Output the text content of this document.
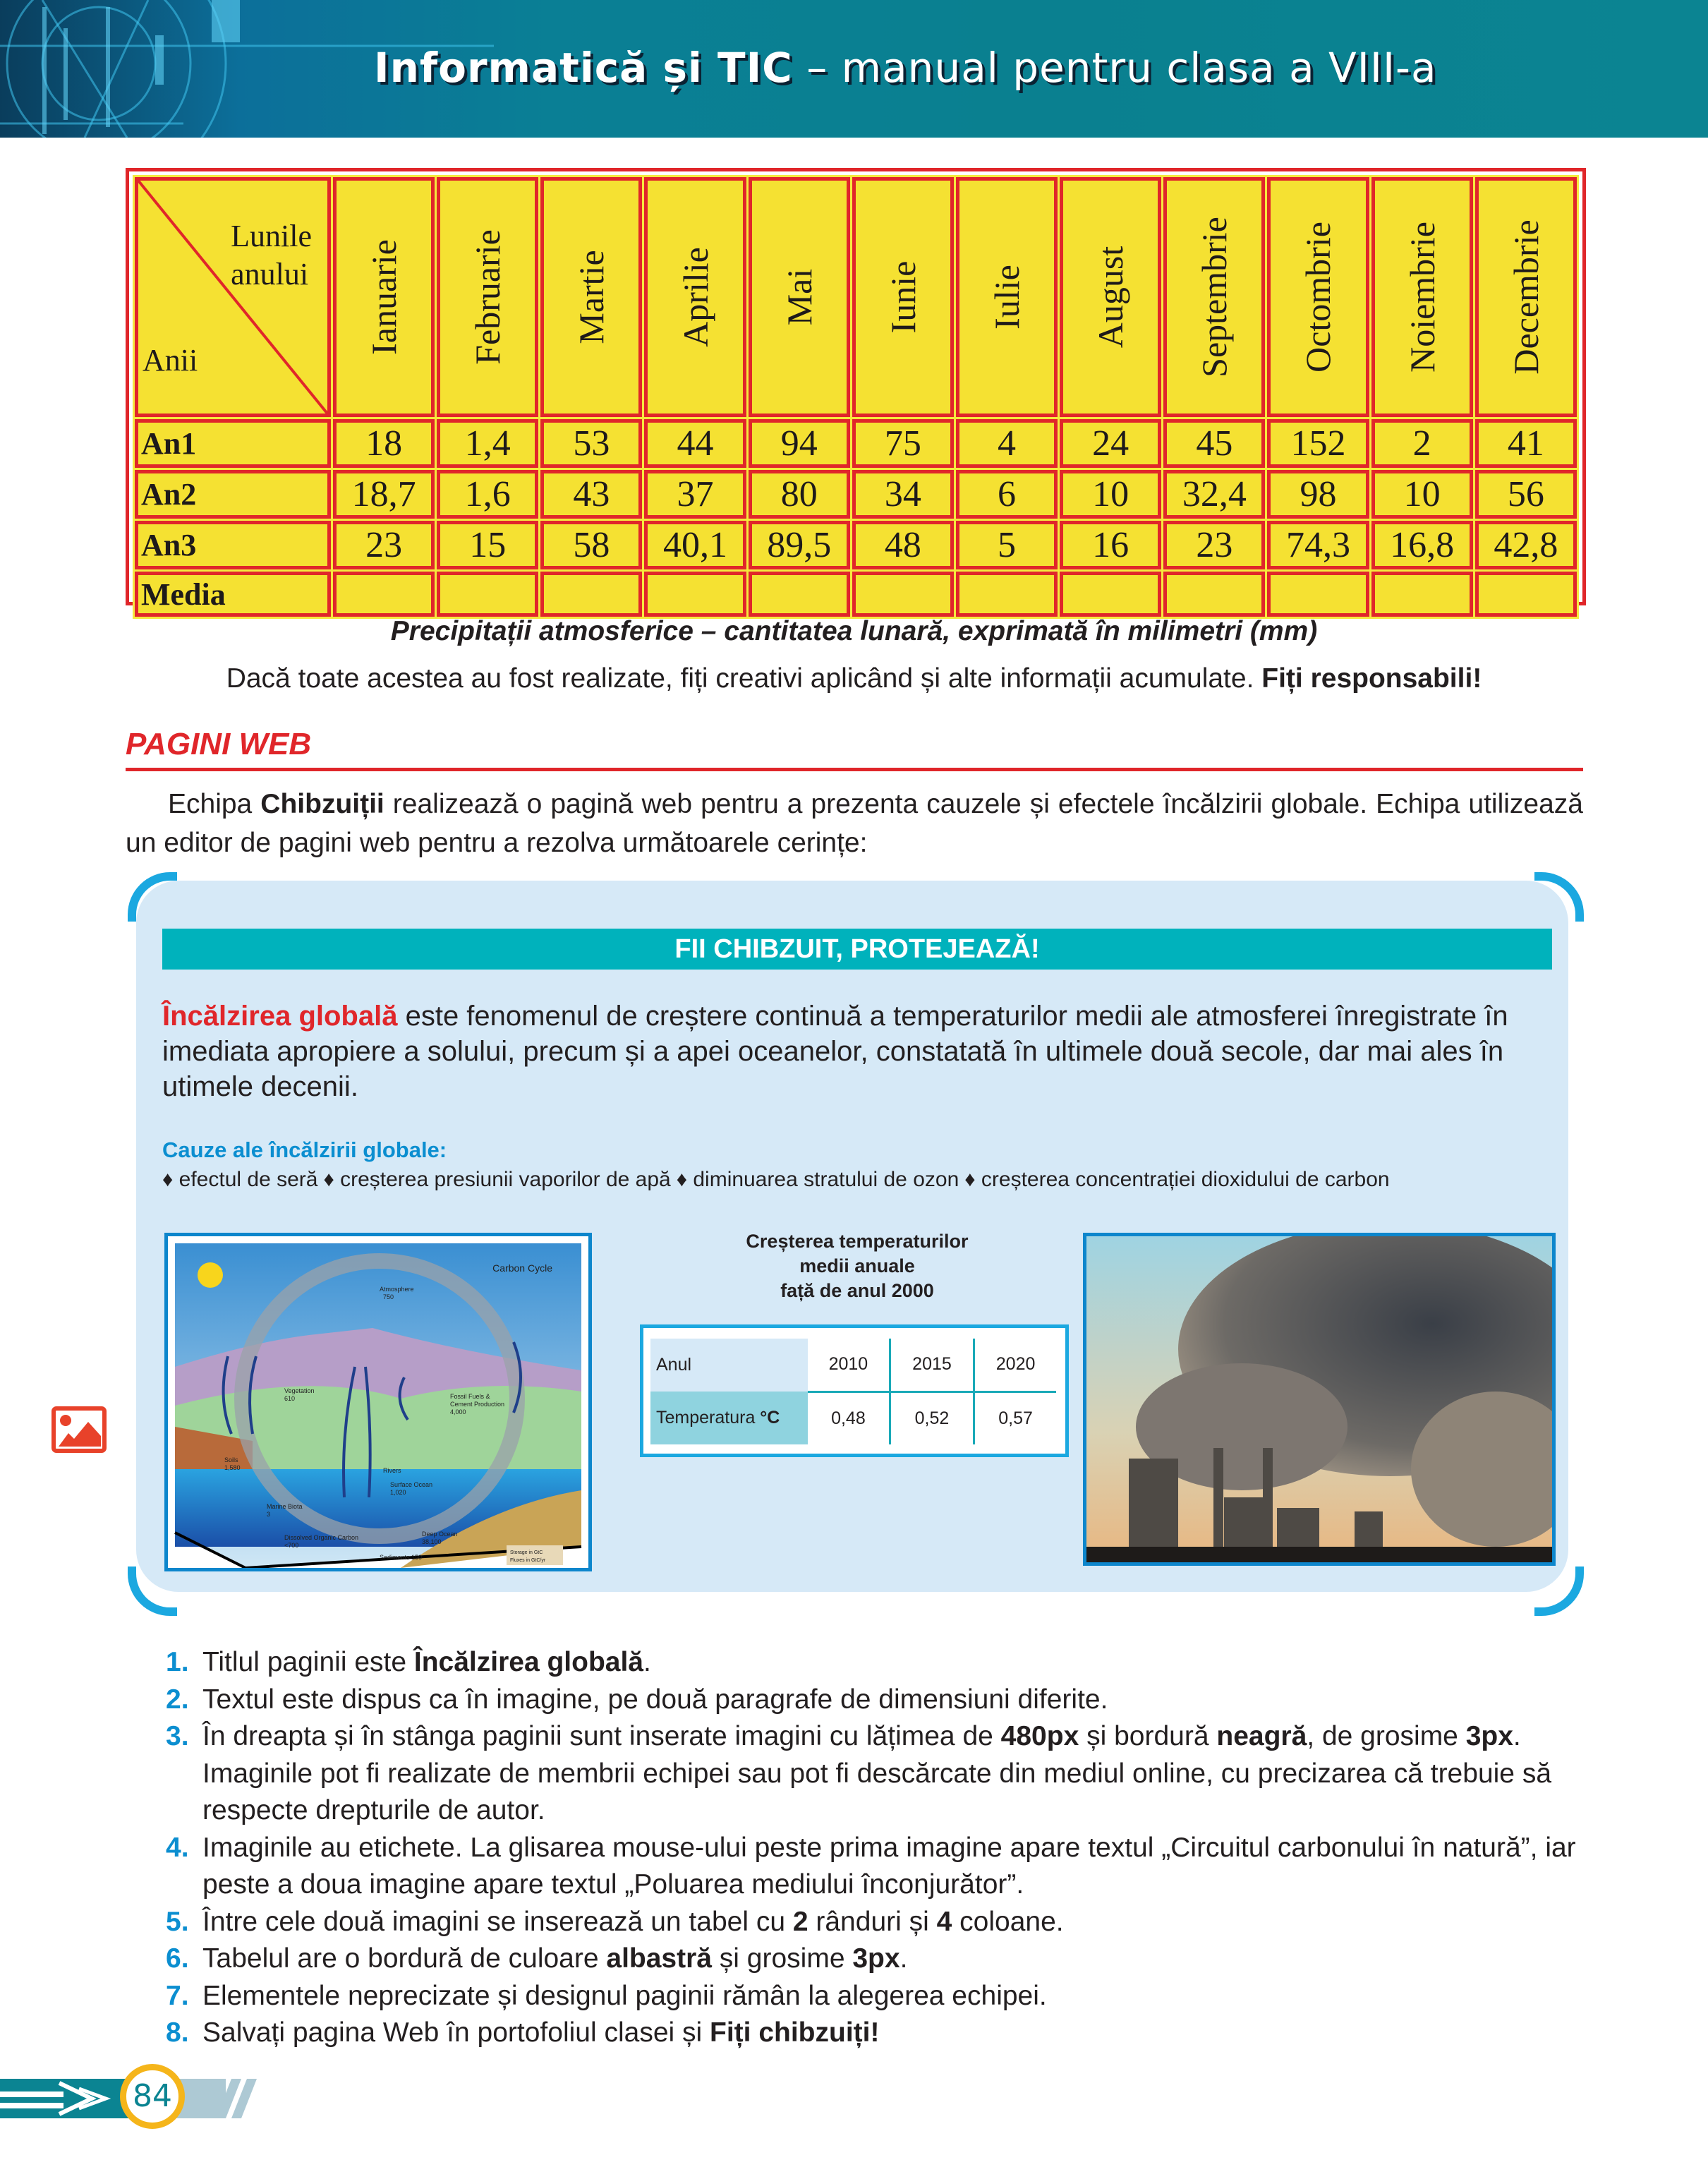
Informatică și TIC – manual pentru clasa a VIII-a
Lunile
anului
Anii	Ianuarie	Februarie	Martie	Aprilie	Mai	Iunie	Iulie	August	Septembrie	Octombrie	Noiembrie	Decembrie

An1	18	1,4	53	44	94	75	4	24	45	152	2	41
An2	18,7	1,6	43	37	80	34	6	10	32,4	98	10	56
An3	23	15	58	40,1	89,5	48	5	16	23	74,3	16,8	42,8
Media												
Precipitații atmosferice – cantitatea lunară, exprimată în milimetri (mm)
Dacă toate acestea au fost realizate, fiți creativi aplicând și alte informații acumulate. Fiți responsabili!
PAGINI WEB
Echipa Chibzuiții realizează o pagină web pentru a prezenta cauzele și efectele încălzirii globale. Echipa utilizează un editor de pagini web pentru a rezolva următoarele cerințe:
FII CHIBZUIT, PROTEJEAZĂ!
Încălzirea globală este fenomenul de creștere continuă a temperaturilor medii ale atmosferei înregistrate în imediata apropiere a solului, precum și a apei oceanelor, constatată în ultimele două secole, dar mai ales în utimele decenii.
Cauze ale încălzirii globale:
♦ efectul de seră ♦ creșterea presiunii vaporilor de apă ♦ diminuarea stratului de ozon ♦ creșterea concentrației dioxidului de carbon
Carbon Cycle
Atmosphere
750
Vegetation
610
Soils
1,580
Fossil Fuels &
Cement Production
4,000
Rivers
Surface Ocean
1,020
Marine Biota
3
Dissolved Organic Carbon
<700
Deep Ocean
38,100
Sediments 150
Storage in GtC
Fluxes in GtC/yr
Creșterea temperaturilor
medii anuale
față de anul 2000
Anul	2010	2015	2020
Temperatura °C	0,48	0,52	0,57
1. Titlul paginii este Încălzirea globală.
2. Textul este dispus ca în imagine, pe două paragrafe de dimensiuni diferite.
3. În dreapta și în stânga paginii sunt inserate imagini cu lățimea de 480px și bordură neagră, de grosime 3px. Imaginile pot fi realizate de membrii echipei sau pot fi descărcate din mediul online, cu precizarea că trebuie să respecte drepturile de autor.
4. Imaginile au etichete. La glisarea mouse-ului peste prima imagine apare textul „Circuitul carbonului în natură”, iar peste a doua imagine apare textul „Poluarea mediului înconjurător”.
5. Între cele două imagini se inserează un tabel cu 2 rânduri și 4 coloane.
6. Tabelul are o bordură de culoare albastră și grosime 3px.
7. Elementele neprecizate și designul paginii rămân la alegerea echipei.
8. Salvați pagina Web în portofoliul clasei și Fiți chibzuiți!
84
